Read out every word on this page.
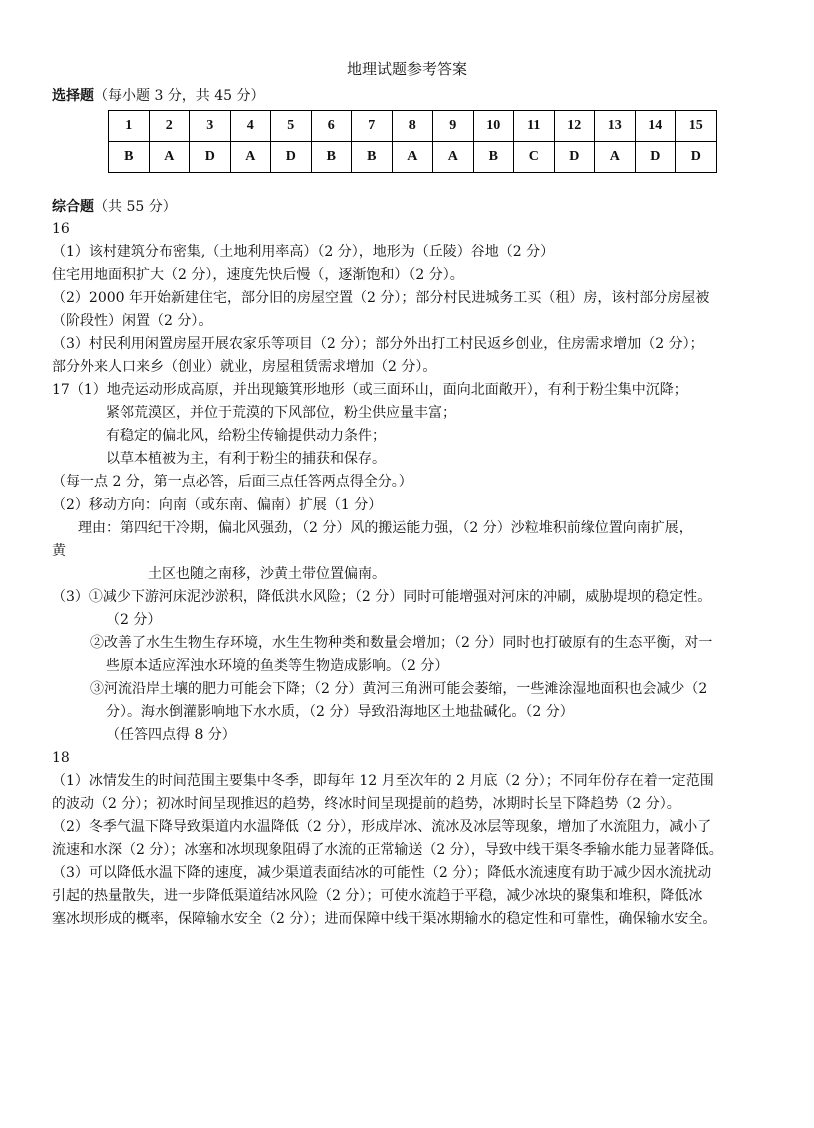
地理试题参考答案
选择题（每小题 3 分，共 45 分）
1	2	3	4	5	6	7	8	9	10	11	12	13	14	15
B	A	D	A	D	B	B	A	A	B	C	D	A	D	D
综合题（共 55 分）
16
（1）该村建筑分布密集,（土地利用率高）（2 分），地形为（丘陵）谷地（2 分）
住宅用地面积扩大（2 分），速度先快后慢（，逐渐饱和）（2 分）。
（2）2000 年开始新建住宅，部分旧的房屋空置（2 分）；部分村民进城务工买（租）房，该村部分房屋被
（阶段性）闲置（2 分）。
（3）村民利用闲置房屋开展农家乐等项目（2 分）；部分外出打工村民返乡创业，住房需求增加（2 分）；
部分外来人口来乡（创业）就业，房屋租赁需求增加（2 分）。
17（1）地壳运动形成高原，并出现簸箕形地形（或三面环山，面向北面敞开），有利于粉尘集中沉降；
紧邻荒漠区，并位于荒漠的下风部位，粉尘供应量丰富；
有稳定的偏北风，给粉尘传输提供动力条件；
以草本植被为主，有利于粉尘的捕获和保存。
（每一点 2 分，第一点必答，后面三点任答两点得全分。）
（2）移动方向：向南（或东南、偏南）扩展（1 分）
理由：第四纪干冷期，偏北风强劲，（2 分）风的搬运能力强，（2 分）沙粒堆积前缘位置向南扩展，
黄
土区也随之南移，沙黄土带位置偏南。
（3）①减少下游河床泥沙淤积，降低洪水风险；（2 分）同时可能增强对河床的冲刷，威胁堤坝的稳定性。
（2 分）
②改善了水生生物生存环境，水生生物种类和数量会增加；（2 分）同时也打破原有的生态平衡，对一
些原本适应浑浊水环境的鱼类等生物造成影响。（2 分）
③河流沿岸土壤的肥力可能会下降；（2 分）黄河三角洲可能会萎缩，一些滩涂湿地面积也会减少（2
分）。海水倒灌影响地下水水质，（2 分）导致沿海地区土地盐碱化。（2 分）
（任答四点得 8 分）
18
（1）冰情发生的时间范围主要集中冬季，即每年 12 月至次年的 2 月底（2 分）；不同年份存在着一定范围
的波动（2 分）；初冰时间呈现推迟的趋势，终冰时间呈现提前的趋势，冰期时长呈下降趋势（2 分）。
（2）冬季气温下降导致渠道内水温降低（2 分），形成岸冰、流冰及冰层等现象，增加了水流阻力，减小了
流速和水深（2 分）；冰塞和冰坝现象阻碍了水流的正常输送（2 分），导致中线干渠冬季输水能力显著降低。
（3）可以降低水温下降的速度，减少渠道表面结冰的可能性（2 分）；降低水流速度有助于减少因水流扰动
引起的热量散失，进一步降低渠道结冰风险（2 分）；可使水流趋于平稳，减少冰块的聚集和堆积，降低冰
塞冰坝形成的概率，保障输水安全（2 分）；进而保障中线干渠冰期输水的稳定性和可靠性，确保输水安全。
